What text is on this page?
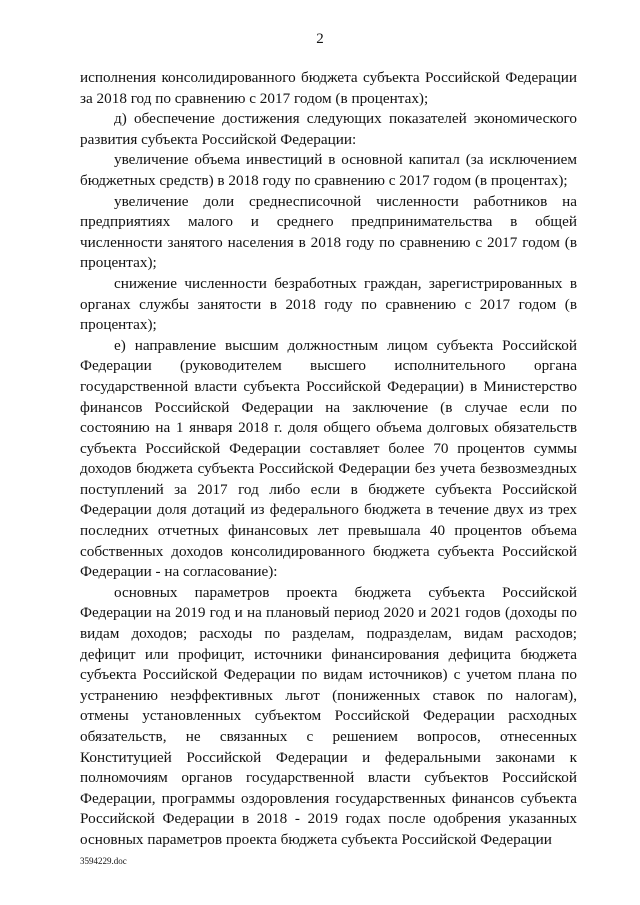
2

исполнения консолидированного бюджета субъекта Российской Федерации за 2018 год по сравнению с 2017 годом (в процентах);

д) обеспечение достижения следующих показателей экономического развития субъекта Российской Федерации:

увеличение объема инвестиций в основной капитал (за исключением бюджетных средств) в 2018 году по сравнению с 2017 годом (в процентах);

увеличение доли среднесписочной численности работников на предприятиях малого и среднего предпринимательства в общей численности занятого населения в 2018 году по сравнению с 2017 годом (в процентах);

снижение численности безработных граждан, зарегистрированных в органах службы занятости в 2018 году по сравнению с 2017 годом (в процентах);

е) направление высшим должностным лицом субъекта Российской Федерации (руководителем высшего исполнительного органа государственной власти субъекта Российской Федерации) в Министерство финансов Российской Федерации на заключение (в случае если по состоянию на 1 января 2018 г. доля общего объема долговых обязательств субъекта Российской Федерации составляет более 70 процентов суммы доходов бюджета субъекта Российской Федерации без учета безвозмездных поступлений за 2017 год либо если в бюджете субъекта Российской Федерации доля дотаций из федерального бюджета в течение двух из трех последних отчетных финансовых лет превышала 40 процентов объема собственных доходов консолидированного бюджета субъекта Российской Федерации - на согласование):

основных параметров проекта бюджета субъекта Российской Федерации на 2019 год и на плановый период 2020 и 2021 годов (доходы по видам доходов; расходы по разделам, подразделам, видам расходов; дефицит или профицит, источники финансирования дефицита бюджета субъекта Российской Федерации по видам источников) с учетом плана по устранению неэффективных льгот (пониженных ставок по налогам), отмены установленных субъектом Российской Федерации расходных обязательств, не связанных с решением вопросов, отнесенных Конституцией Российской Федерации и федеральными законами к полномочиям органов государственной власти субъектов Российской Федерации, программы оздоровления государственных финансов субъекта Российской Федерации в 2018 - 2019 годах после одобрения указанных основных параметров проекта бюджета субъекта Российской Федерации

3594229.doc
